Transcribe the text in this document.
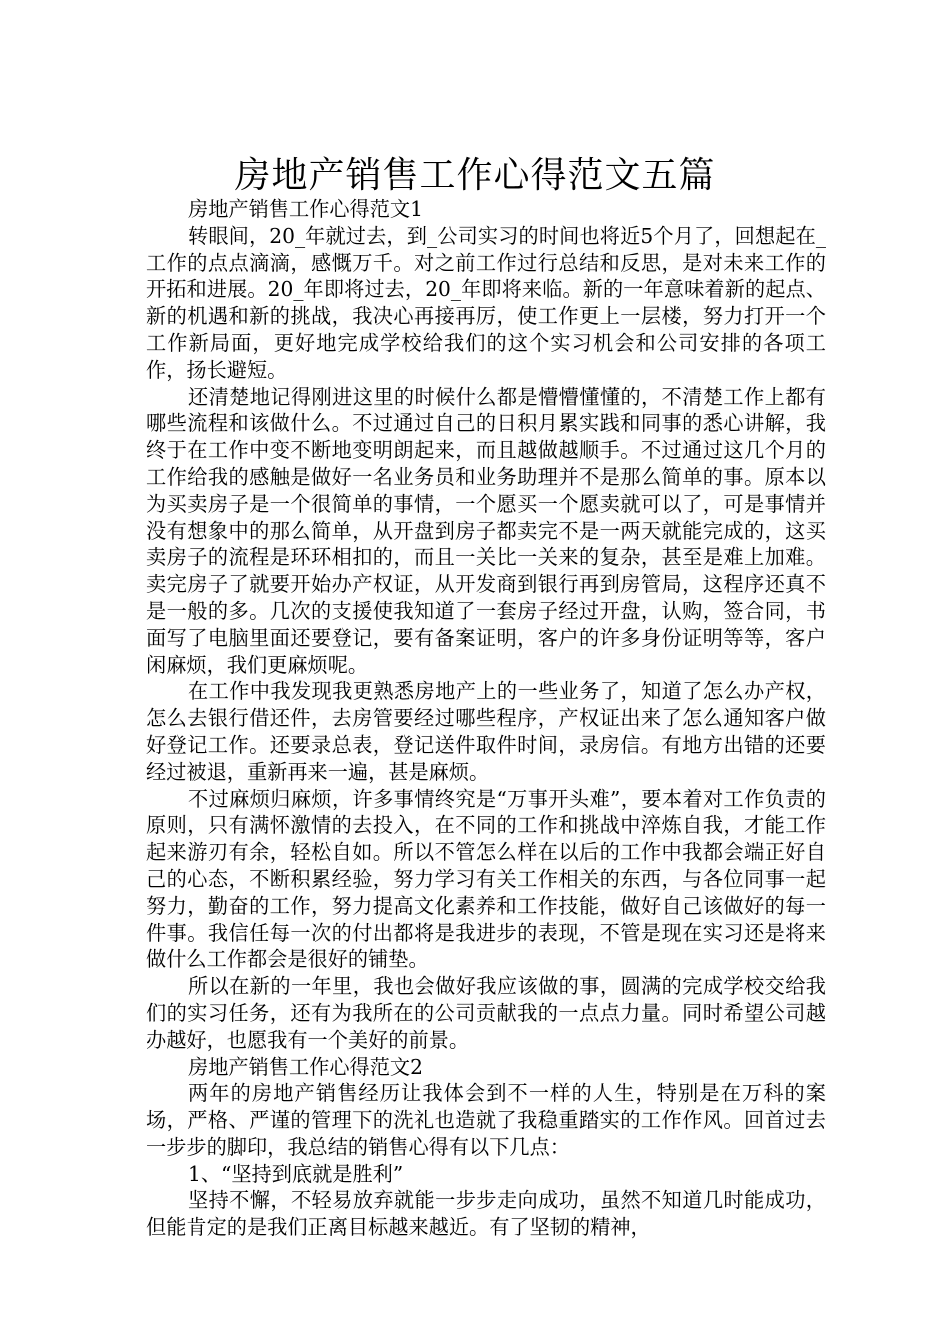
房地产销售工作心得范文五篇

房地产销售工作心得范文1

转眼间，20_年就过去，到_公司实习的时间也将近5个月了，回想起在_工作的点点滴滴，感慨万千。对之前工作过行总结和反思，是对未来工作的开拓和进展。20_年即将过去，20_年即将来临。新的一年意味着新的起点、新的机遇和新的挑战，我决心再接再厉，使工作更上一层楼，努力打开一个工作新局面，更好地完成学校给我们的这个实习机会和公司安排的各项工作，扬长避短。

还清楚地记得刚进这里的时候什么都是懵懵懂懂的，不清楚工作上都有哪些流程和该做什么。不过通过自己的日积月累实践和同事的悉心讲解，我终于在工作中变不断地变明朗起来，而且越做越顺手。不过通过这几个月的工作给我的感触是做好一名业务员和业务助理并不是那么简单的事。原本以为买卖房子是一个很简单的事情，一个愿买一个愿卖就可以了，可是事情并没有想象中的那么简单，从开盘到房子都卖完不是一两天就能完成的，这买卖房子的流程是环环相扣的，而且一关比一关来的复杂，甚至是难上加难。卖完房子了就要开始办产权证，从开发商到银行再到房管局，这程序还真不是一般的多。几次的支援使我知道了一套房子经过开盘，认购，签合同，书面写了电脑里面还要登记，要有备案证明，客户的许多身份证明等等，客户闲麻烦，我们更麻烦呢。

在工作中我发现我更熟悉房地产上的一些业务了，知道了怎么办产权，怎么去银行借还件，去房管要经过哪些程序，产权证出来了怎么通知客户做好登记工作。还要录总表，登记送件取件时间，录房信。有地方出错的还要经过被退，重新再来一遍，甚是麻烦。

不过麻烦归麻烦，许多事情终究是“万事开头难”，要本着对工作负责的原则，只有满怀激情的去投入，在不同的工作和挑战中淬炼自我，才能工作起来游刃有余，轻松自如。所以不管怎么样在以后的工作中我都会端正好自己的心态，不断积累经验，努力学习有关工作相关的东西，与各位同事一起努力，勤奋的工作，努力提高文化素养和工作技能，做好自己该做好的每一件事。我信任每一次的付出都将是我进步的表现，不管是现在实习还是将来做什么工作都会是很好的铺垫。

所以在新的一年里，我也会做好我应该做的事，圆满的完成学校交给我们的实习任务，还有为我所在的公司贡献我的一点点力量。同时希望公司越办越好，也愿我有一个美好的前景。

房地产销售工作心得范文2

两年的房地产销售经历让我体会到不一样的人生，特别是在万科的案场，严格、严谨的管理下的洗礼也造就了我稳重踏实的工作作风。回首过去一步步的脚印，我总结的销售心得有以下几点：

1、“坚持到底就是胜利”

坚持不懈，不轻易放弃就能一步步走向成功，虽然不知道几时能成功，但能肯定的是我们正离目标越来越近。有了坚韧的精神，
